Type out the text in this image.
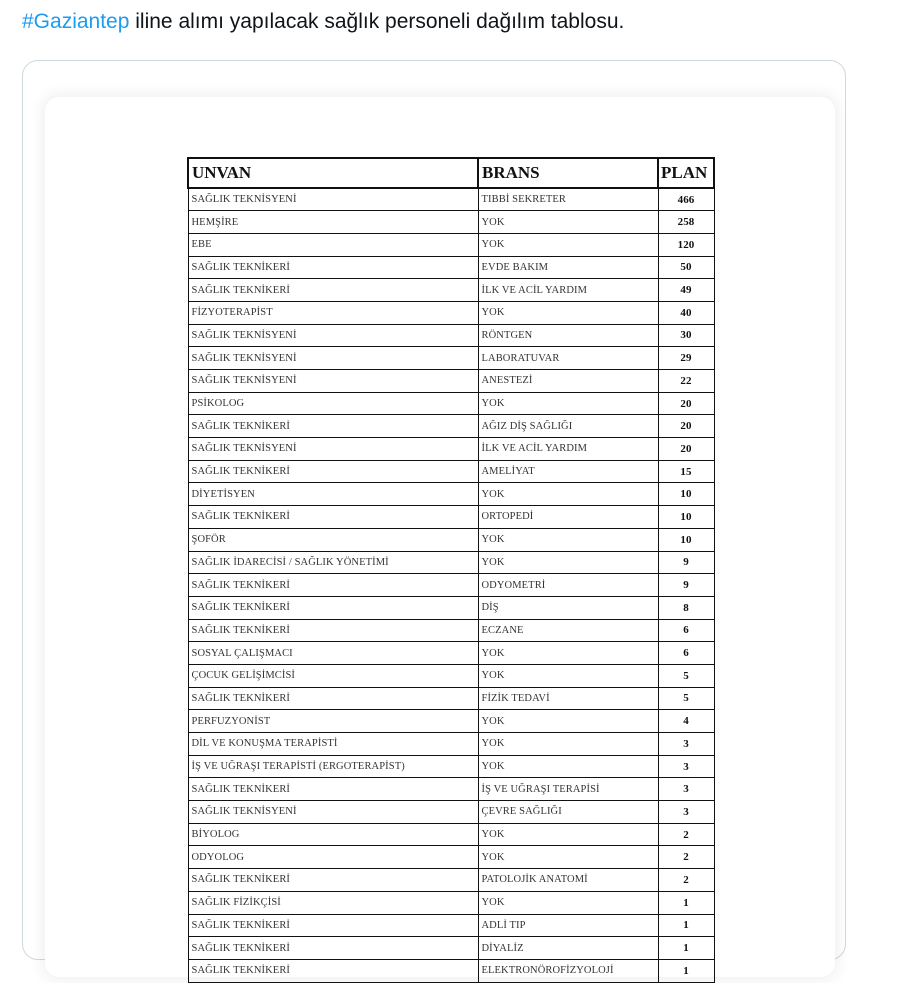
#Gaziantep iline alımı yapılacak sağlık personeli dağılım tablosu.
UNVAN	BRANS	PLAN
SAĞLIK TEKNİSYENİ	TIBBİ SEKRETER	466
HEMŞİRE	YOK	258
EBE	YOK	120
SAĞLIK TEKNİKERİ	EVDE BAKIM	50
SAĞLIK TEKNİKERİ	İLK VE ACİL YARDIM	49
FİZYOTERAPİST	YOK	40
SAĞLIK TEKNİSYENİ	RÖNTGEN	30
SAĞLIK TEKNİSYENİ	LABORATUVAR	29
SAĞLIK TEKNİSYENİ	ANESTEZİ	22
PSİKOLOG	YOK	20
SAĞLIK TEKNİKERİ	AĞIZ DİŞ SAĞLIĞI	20
SAĞLIK TEKNİSYENİ	İLK VE ACİL YARDIM	20
SAĞLIK TEKNİKERİ	AMELİYAT	15
DİYETİSYEN	YOK	10
SAĞLIK TEKNİKERİ	ORTOPEDİ	10
ŞOFÖR	YOK	10
SAĞLIK İDARECİSİ / SAĞLIK YÖNETİMİ	YOK	9
SAĞLIK TEKNİKERİ	ODYOMETRİ	9
SAĞLIK TEKNİKERİ	DİŞ	8
SAĞLIK TEKNİKERİ	ECZANE	6
SOSYAL ÇALIŞMACI	YOK	6
ÇOCUK GELİŞİMCİSİ	YOK	5
SAĞLIK TEKNİKERİ	FİZİK TEDAVİ	5
PERFUZYONİST	YOK	4
DİL VE KONUŞMA TERAPİSTİ	YOK	3
İŞ VE UĞRAŞI TERAPİSTİ (ERGOTERAPİST)	YOK	3
SAĞLIK TEKNİKERİ	İŞ VE UĞRAŞI TERAPİSİ	3
SAĞLIK TEKNİSYENİ	ÇEVRE SAĞLIĞI	3
BİYOLOG	YOK	2
ODYOLOG	YOK	2
SAĞLIK TEKNİKERİ	PATOLOJİK ANATOMİ	2
SAĞLIK FİZİKÇİSİ	YOK	1
SAĞLIK TEKNİKERİ	ADLİ TIP	1
SAĞLIK TEKNİKERİ	DİYALİZ	1
SAĞLIK TEKNİKERİ	ELEKTRONÖROFİZYOLOJİ	1
